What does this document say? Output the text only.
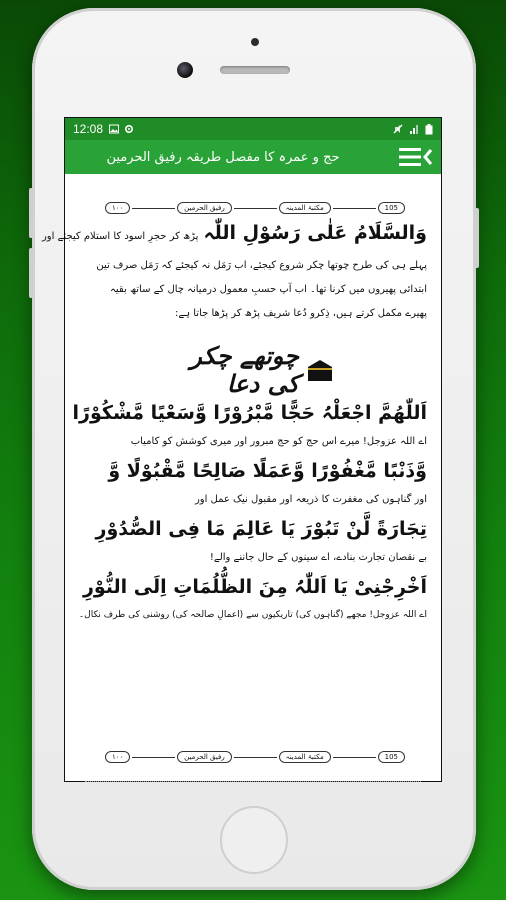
12:08
حج و عمرہ کا مفصل طریقہ رفیق الحرمین
١٠٠	رفیق الحرمین	مکتبۃ المدینہ	105
وَالسَّلَامُ عَلٰی رَسُوْلِ اللّٰہ پڑھ کر حجرِ اسود کا استلام کیجئے اور
پہلے ہی کی طرح چوتھا چکر شروع کیجئے، اب رَمَل نہ کیجئے کہ رَمَل صرف تین
ابتدائی پھیروں میں کرنا تھا۔ اب آپ حسبِ معمول درمیانہ چال کے ساتھ بقیہ
پھیرے مکمل کرتے ہیں، ذِکرو دُعا شریف پڑھ کر پڑھا جاتا ہے:
چوتھے چکر کی دعا
اَللّٰھُمَّ اجْعَلْہُ حَجًّا مَّبْرُوْرًا وَّسَعْیًا مَّشْکُوْرًا
اے اللہ عزوجل! میرے اس حج کو حج مبرور اور میری کوشش کو کامیاب
وَّذَنْبًا مَّغْفُوْرًا وَّعَمَلًا صَالِحًا مَّقْبُوْلًا وَّ
اور گناہوں کی مغفرت کا ذریعہ اور مقبول نیک عمل اور
تِجَارَةً لَّنْ تَبُوْرَ یَا عَالِمَ مَا فِی الصُّدُوْرِ
بے نقصان تجارت بنادے، اے سینوں کے حال جاننے والے!
اَخْرِجْنِیْ یَا اَللّٰہُ مِنَ الظُّلُمَاتِ اِلَی النُّوْرِ
اے اللہ عزوجل! مجھے (گناہوں کی) تاریکیوں سے (اعمالِ صالحہ کی) روشنی کی طرف نکال۔
١٠٠	رفیق الحرمین	مکتبۃ المدینہ	105
